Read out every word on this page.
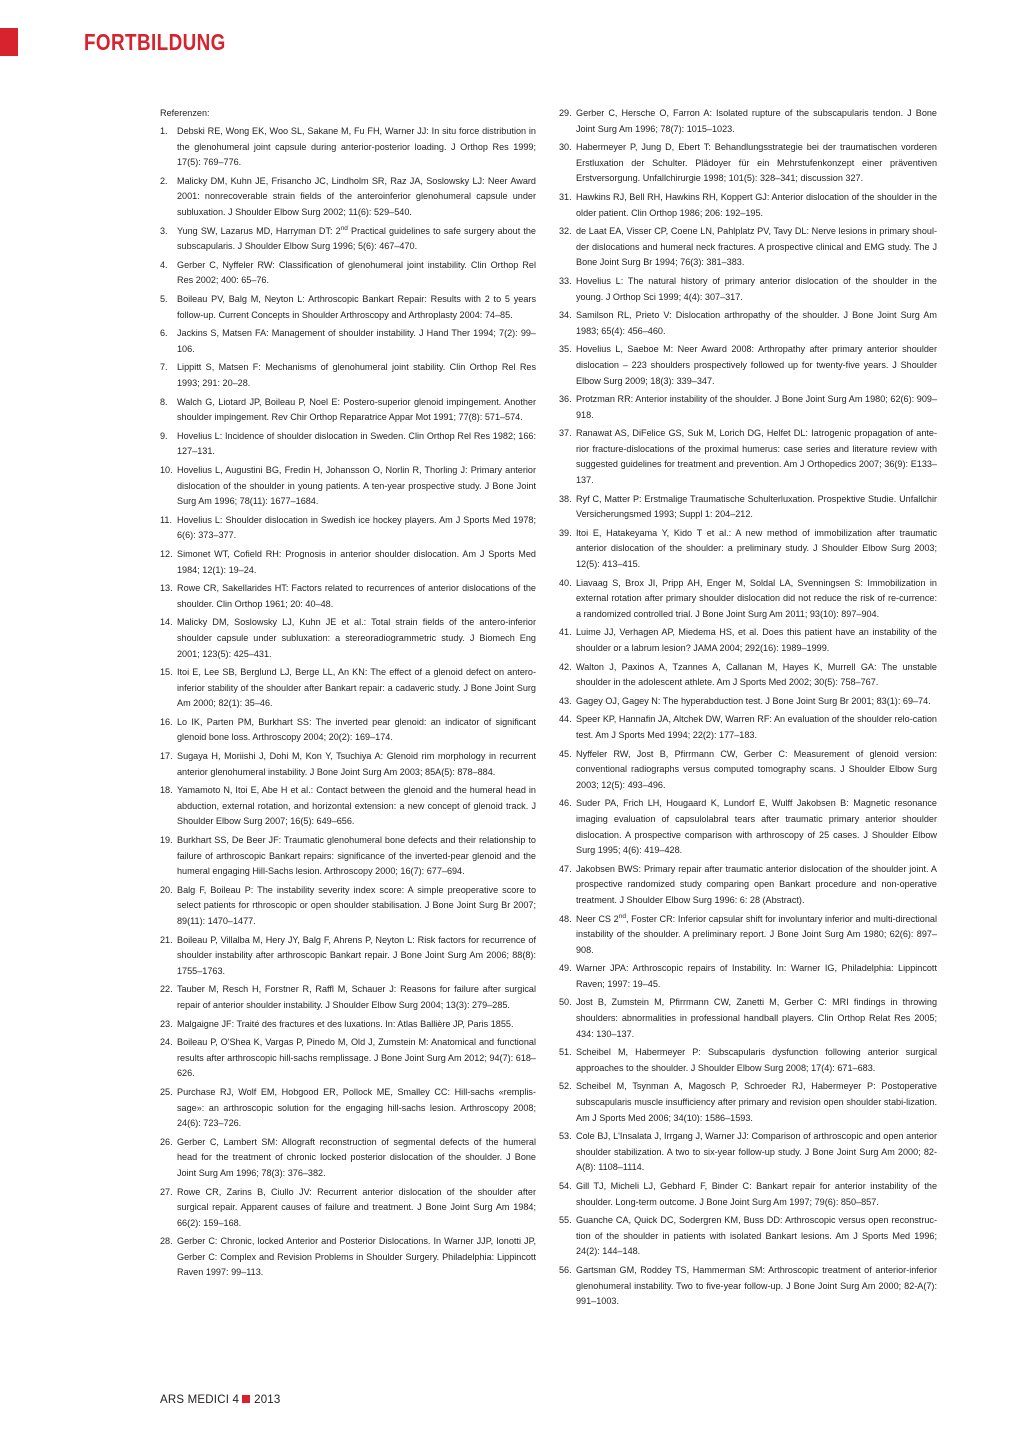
FORTBILDUNG

Referenzen:

1. Debski RE, Wong EK, Woo SL, Sakane M, Fu FH, Warner JJ: In situ force distribution in the glenohumeral joint capsule during anterior-posterior loading. J Orthop Res 1999; 17(5): 769–776.
2. Malicky DM, Kuhn JE, Frisancho JC, Lindholm SR, Raz JA, Soslowsky LJ: Neer Award 2001: nonrecoverable strain fields of the anteroinferior glenohumeral capsule under subluxation. J Shoulder Elbow Surg 2002; 11(6): 529–540.
3. Yung SW, Lazarus MD, Harryman DT: 2nd Practical guidelines to safe surgery about the subscapularis. J Shoulder Elbow Surg 1996; 5(6): 467–470.
4. Gerber C, Nyffeler RW: Classification of glenohumeral joint instability. Clin Orthop Rel Res 2002; 400: 65–76.
5. Boileau PV, Balg M, Neyton L: Arthroscopic Bankart Repair: Results with 2 to 5 years follow-up. Current Concepts in Shoulder Arthroscopy and Arthroplasty 2004: 74–85.
6. Jackins S, Matsen FA: Management of shoulder instability. J Hand Ther 1994; 7(2): 99–106.
7. Lippitt S, Matsen F: Mechanisms of glenohumeral joint stability. Clin Orthop Rel Res 1993; 291: 20–28.
8. Walch G, Liotard JP, Boileau P, Noel E: Postero-superior glenoid impingement. Another shoulder impingement. Rev Chir Orthop Reparatrice Appar Mot 1991; 77(8): 571–574.
9. Hovelius L: Incidence of shoulder dislocation in Sweden. Clin Orthop Rel Res 1982; 166: 127–131.
10. Hovelius L, Augustini BG, Fredin H, Johansson O, Norlin R, Thorling J: Primary anterior dislocation of the shoulder in young patients. A ten-year prospective study. J Bone Joint Surg Am 1996; 78(11): 1677–1684.
11. Hovelius L: Shoulder dislocation in Swedish ice hockey players. Am J Sports Med 1978; 6(6): 373–377.
12. Simonet WT, Cofield RH: Prognosis in anterior shoulder dislocation. Am J Sports Med 1984; 12(1): 19–24.
13. Rowe CR, Sakellarides HT: Factors related to recurrences of anterior dislocations of the shoulder. Clin Orthop 1961; 20: 40–48.
14. Malicky DM, Soslowsky LJ, Kuhn JE et al.: Total strain fields of the antero-inferior shoulder capsule under subluxation: a stereoradiogrammetric study. J Biomech Eng 2001; 123(5): 425–431.
15. Itoi E, Lee SB, Berglund LJ, Berge LL, An KN: The effect of a glenoid defect on antero-inferior stability of the shoulder after Bankart repair: a cadaveric study. J Bone Joint Surg Am 2000; 82(1): 35–46.
16. Lo IK, Parten PM, Burkhart SS: The inverted pear glenoid: an indicator of significant glenoid bone loss. Arthroscopy 2004; 20(2): 169–174.
17. Sugaya H, Moriishi J, Dohi M, Kon Y, Tsuchiya A: Glenoid rim morphology in recurrent anterior glenohumeral instability. J Bone Joint Surg Am 2003; 85A(5): 878–884.
18. Yamamoto N, Itoi E, Abe H et al.: Contact between the glenoid and the humeral head in abduction, external rotation, and horizontal extension: a new concept of glenoid track. J Shoulder Elbow Surg 2007; 16(5): 649–656.
19. Burkhart SS, De Beer JF: Traumatic glenohumeral bone defects and their relationship to failure of arthroscopic Bankart repairs: significance of the inverted-pear glenoid and the humeral engaging Hill-Sachs lesion. Arthroscopy 2000; 16(7): 677–694.
20. Balg F, Boileau P: The instability severity index score: A simple preoperative score to select patients for rthroscopic or open shoulder stabilisation. J Bone Joint Surg Br 2007; 89(11): 1470–1477.
21. Boileau P, Villalba M, Hery JY, Balg F, Ahrens P, Neyton L: Risk factors for recurrence of shoulder instability after arthroscopic Bankart repair. J Bone Joint Surg Am 2006; 88(8): 1755–1763.
22. Tauber M, Resch H, Forstner R, Raffl M, Schauer J: Reasons for failure after surgical repair of anterior shoulder instability. J Shoulder Elbow Surg 2004; 13(3): 279–285.
23. Malgaigne JF: Traité des fractures et des luxations. In: Atlas Ballière JP, Paris 1855.
24. Boileau P, O'Shea K, Vargas P, Pinedo M, Old J, Zumstein M: Anatomical and functional results after arthroscopic hill-sachs remplissage. J Bone Joint Surg Am 2012; 94(7): 618–626.
25. Purchase RJ, Wolf EM, Hobgood ER, Pollock ME, Smalley CC: Hill-sachs «remplis-sage»: an arthroscopic solution for the engaging hill-sachs lesion. Arthroscopy 2008; 24(6): 723–726.
26. Gerber C, Lambert SM: Allograft reconstruction of segmental defects of the humeral head for the treatment of chronic locked posterior dislocation of the shoulder. J Bone Joint Surg Am 1996; 78(3): 376–382.
27. Rowe CR, Zarins B, Ciullo JV: Recurrent anterior dislocation of the shoulder after surgical repair. Apparent causes of failure and treatment. J Bone Joint Surg Am 1984; 66(2): 159–168.
28. Gerber C: Chronic, locked Anterior and Posterior Dislocations. In Warner JJP, Ionotti JP, Gerber C: Complex and Revision Problems in Shoulder Surgery. Philadelphia: Lippincott Raven 1997: 99–113.
29. Gerber C, Hersche O, Farron A: Isolated rupture of the subscapularis tendon. J Bone Joint Surg Am 1996; 78(7): 1015–1023.
30. Habermeyer P, Jung D, Ebert T: Behandlungsstrategie bei der traumatischen vorderen Erstluxation der Schulter. Plädoyer für ein Mehrstufenkonzept einer präventiven Erstversorgung. Unfallchirurgie 1998; 101(5): 328–341; discussion 327.
31. Hawkins RJ, Bell RH, Hawkins RH, Koppert GJ: Anterior dislocation of the shoulder in the older patient. Clin Orthop 1986; 206: 192–195.
32. de Laat EA, Visser CP, Coene LN, Pahlplatz PV, Tavy DL: Nerve lesions in primary shoul-der dislocations and humeral neck fractures. A prospective clinical and EMG study. The J Bone Joint Surg Br 1994; 76(3): 381–383.
33. Hovelius L: The natural history of primary anterior dislocation of the shoulder in the young. J Orthop Sci 1999; 4(4): 307–317.
34. Samilson RL, Prieto V: Dislocation arthropathy of the shoulder. J Bone Joint Surg Am 1983; 65(4): 456–460.
35. Hovelius L, Saeboe M: Neer Award 2008: Arthropathy after primary anterior shoulder dislocation – 223 shoulders prospectively followed up for twenty-five years. J Shoulder Elbow Surg 2009; 18(3): 339–347.
36. Protzman RR: Anterior instability of the shoulder. J Bone Joint Surg Am 1980; 62(6): 909–918.
37. Ranawat AS, DiFelice GS, Suk M, Lorich DG, Helfet DL: Iatrogenic propagation of ante-rior fracture-dislocations of the proximal humerus: case series and literature review with suggested guidelines for treatment and prevention. Am J Orthopedics 2007; 36(9): E133–137.
38. Ryf C, Matter P: Erstmalige Traumatische Schulterluxation. Prospektive Studie. Unfallchir Versicherungsmed 1993; Suppl 1: 204–212.
39. Itoi E, Hatakeyama Y, Kido T et al.: A new method of immobilization after traumatic anterior dislocation of the shoulder: a preliminary study. J Shoulder Elbow Surg 2003; 12(5): 413–415.
40. Liavaag S, Brox JI, Pripp AH, Enger M, Soldal LA, Svenningsen S: Immobilization in external rotation after primary shoulder dislocation did not reduce the risk of re-currence: a randomized controlled trial. J Bone Joint Surg Am 2011; 93(10): 897–904.
41. Luime JJ, Verhagen AP, Miedema HS, et al. Does this patient have an instability of the shoulder or a labrum lesion? JAMA 2004; 292(16): 1989–1999.
42. Walton J, Paxinos A, Tzannes A, Callanan M, Hayes K, Murrell GA: The unstable shoulder in the adolescent athlete. Am J Sports Med 2002; 30(5): 758–767.
43. Gagey OJ, Gagey N: The hyperabduction test. J Bone Joint Surg Br 2001; 83(1): 69–74.
44. Speer KP, Hannafin JA, Altchek DW, Warren RF: An evaluation of the shoulder relo-cation test. Am J Sports Med 1994; 22(2): 177–183.
45. Nyffeler RW, Jost B, Pfirrmann CW, Gerber C: Measurement of glenoid version: conventional radiographs versus computed tomography scans. J Shoulder Elbow Surg 2003; 12(5): 493–496.
46. Suder PA, Frich LH, Hougaard K, Lundorf E, Wulff Jakobsen B: Magnetic resonance imaging evaluation of capsulolabral tears after traumatic primary anterior shoulder dislocation. A prospective comparison with arthroscopy of 25 cases. J Shoulder Elbow Surg 1995; 4(6): 419–428.
47. Jakobsen BWS: Primary repair after traumatic anterior dislocation of the shoulder joint. A prospective randomized study comparing open Bankart procedure and non-operative treatment. J Shoulder Elbow Surg 1996: 6: 28 (Abstract).
48. Neer CS 2nd, Foster CR: Inferior capsular shift for involuntary inferior and multi-directional instability of the shoulder. A preliminary report. J Bone Joint Surg Am 1980; 62(6): 897–908.
49. Warner JPA: Arthroscopic repairs of Instability. In: Warner IG, Philadelphia: Lippincott Raven; 1997: 19–45.
50. Jost B, Zumstein M, Pfirrmann CW, Zanetti M, Gerber C: MRI findings in throwing shoulders: abnormalities in professional handball players. Clin Orthop Relat Res 2005; 434: 130–137.
51. Scheibel M, Habermeyer P: Subscapularis dysfunction following anterior surgical approaches to the shoulder. J Shoulder Elbow Surg 2008; 17(4): 671–683.
52. Scheibel M, Tsynman A, Magosch P, Schroeder RJ, Habermeyer P: Postoperative subscapularis muscle insufficiency after primary and revision open shoulder stabi-lization. Am J Sports Med 2006; 34(10): 1586–1593.
53. Cole BJ, L'Insalata J, Irrgang J, Warner JJ: Comparison of arthroscopic and open anterior shoulder stabilization. A two to six-year follow-up study. J Bone Joint Surg Am 2000; 82-A(8): 1108–1114.
54. Gill TJ, Micheli LJ, Gebhard F, Binder C: Bankart repair for anterior instability of the shoulder. Long-term outcome. J Bone Joint Surg Am 1997; 79(6): 850–857.
55. Guanche CA, Quick DC, Sodergren KM, Buss DD: Arthroscopic versus open reconstruc-tion of the shoulder in patients with isolated Bankart lesions. Am J Sports Med 1996; 24(2): 144–148.
56. Gartsman GM, Roddey TS, Hammerman SM: Arthroscopic treatment of anterior-inferior glenohumeral instability. Two to five-year follow-up. J Bone Joint Surg Am 2000; 82-A(7): 991–1003.
ARS MEDICI 4 2013
